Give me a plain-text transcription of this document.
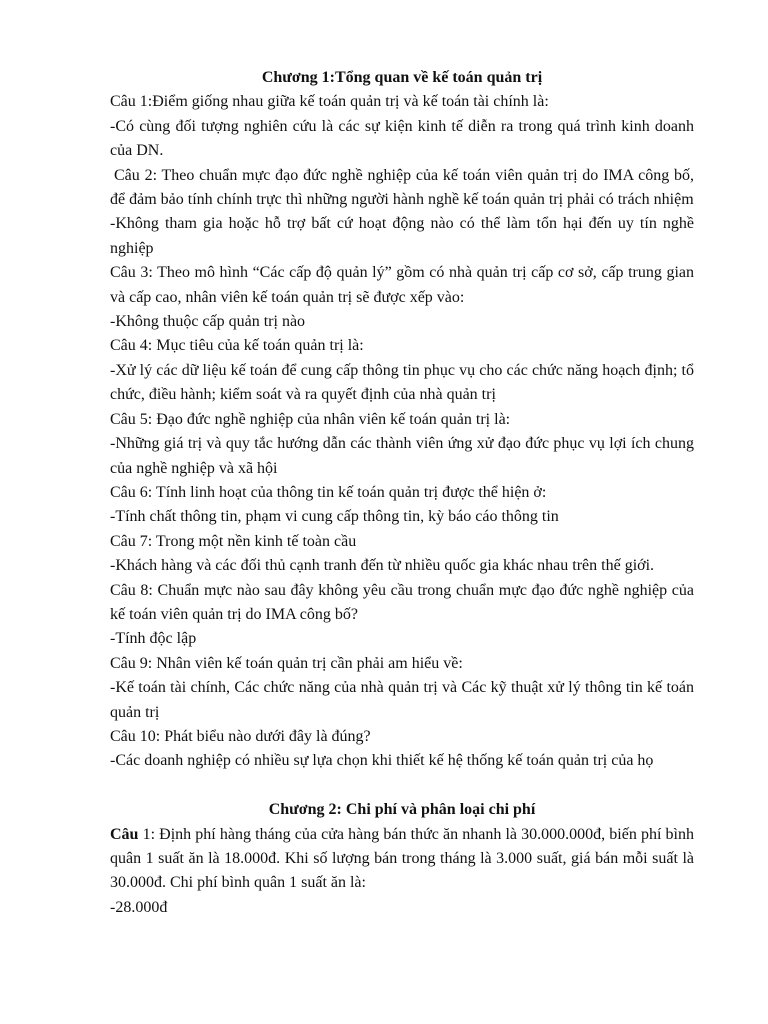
Chương 1:Tổng quan về kế toán quản trị

Câu 1:Điểm giống nhau giữa kế toán quản trị và kế toán tài chính là:

-Có cùng đối tượng nghiên cứu là các sự kiện kinh tế diễn ra trong quá trình kinh doanh của DN.

Câu 2: Theo chuẩn mực đạo đức nghề nghiệp của kế toán viên quản trị do IMA công bố, để đảm bảo tính chính trực thì những người hành nghề kế toán quản trị phải có trách nhiệm

-Không tham gia hoặc hỗ trợ bất cứ hoạt động nào có thể làm tổn hại đến uy tín nghề nghiệp

Câu 3: Theo mô hình “Các cấp độ quản lý” gồm có nhà quản trị cấp cơ sở, cấp trung gian và cấp cao, nhân viên kế toán quản trị sẽ được xếp vào:

-Không thuộc cấp quản trị nào

Câu 4: Mục tiêu của kế toán quản trị là:

-Xử lý các dữ liệu kế toán để cung cấp thông tin phục vụ cho các chức năng hoạch định; tổ chức, điều hành; kiểm soát và ra quyết định của nhà quản trị

Câu 5: Đạo đức nghề nghiệp của nhân viên kế toán quản trị là:

-Những giá trị và quy tắc hướng dẫn các thành viên ứng xử đạo đức phục vụ lợi ích chung của nghề nghiệp và xã hội

Câu 6: Tính linh hoạt của thông tin kế toán quản trị được thể hiện ở:

-Tính chất thông tin, phạm vi cung cấp thông tin, kỳ báo cáo thông tin

Câu 7: Trong một nền kinh tế toàn cầu

-Khách hàng và các đối thủ cạnh tranh đến từ nhiều quốc gia khác nhau trên thế giới.

Câu 8: Chuẩn mực nào sau đây không yêu cầu trong chuẩn mực đạo đức nghề nghiệp của kế toán viên quản trị do IMA công bố?

-Tính độc lập

Câu 9: Nhân viên kế toán quản trị cần phải am hiểu về:

-Kế toán tài chính, Các chức năng của nhà quản trị và Các kỹ thuật xử lý thông tin kế toán quản trị

Câu 10: Phát biểu nào dưới đây là đúng?

-Các doanh nghiệp có nhiều sự lựa chọn khi thiết kế hệ thống kế toán quản trị của họ

Chương 2: Chi phí và phân loại chi phí

Câu 1: Định phí hàng tháng của cửa hàng bán thức ăn nhanh là 30.000.000đ, biến phí bình quân 1 suất ăn là 18.000đ. Khi số lượng bán trong tháng là 3.000 suất, giá bán mỗi suất là 30.000đ. Chi phí bình quân 1 suất ăn là:

-28.000đ
